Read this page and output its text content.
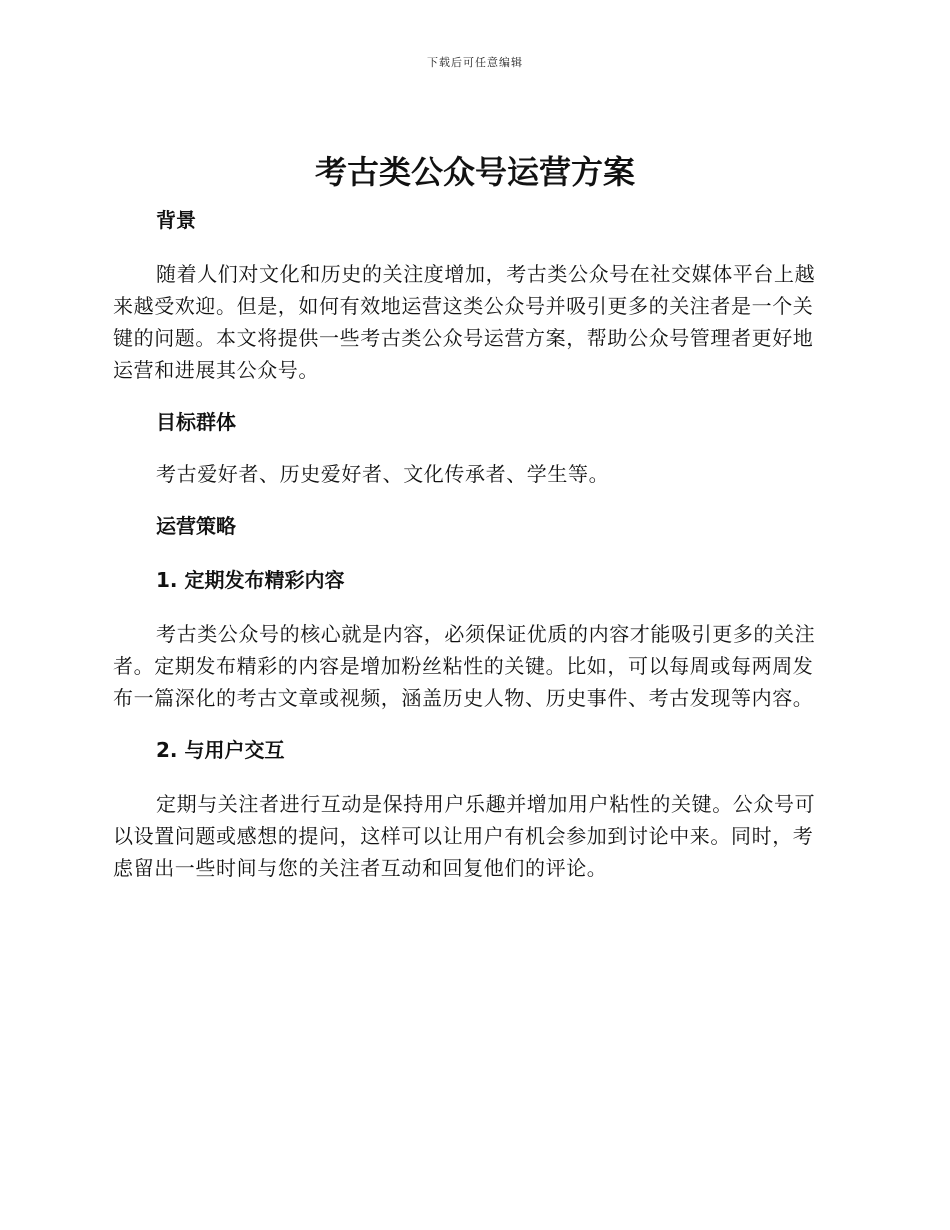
下载后可任意编辑
考古类公众号运营方案
背景

随着人们对文化和历史的关注度增加，考古类公众号在社交媒体平台上越来越受欢迎。但是，如何有效地运营这类公众号并吸引更多的关注者是一个关键的问题。本文将提供一些考古类公众号运营方案，帮助公众号管理者更好地运营和进展其公众号。

目标群体

考古爱好者、历史爱好者、文化传承者、学生等。

运营策略
1. 定期发布精彩内容

考古类公众号的核心就是内容，必须保证优质的内容才能吸引更多的关注者。定期发布精彩的内容是增加粉丝粘性的关键。比如，可以每周或每两周发布一篇深化的考古文章或视频，涵盖历史人物、历史事件、考古发现等内容。

2. 与用户交互

定期与关注者进行互动是保持用户乐趣并增加用户粘性的关键。公众号可以设置问题或感想的提问，这样可以让用户有机会参加到讨论中来。同时，考虑留出一些时间与您的关注者互动和回复他们的评论。
